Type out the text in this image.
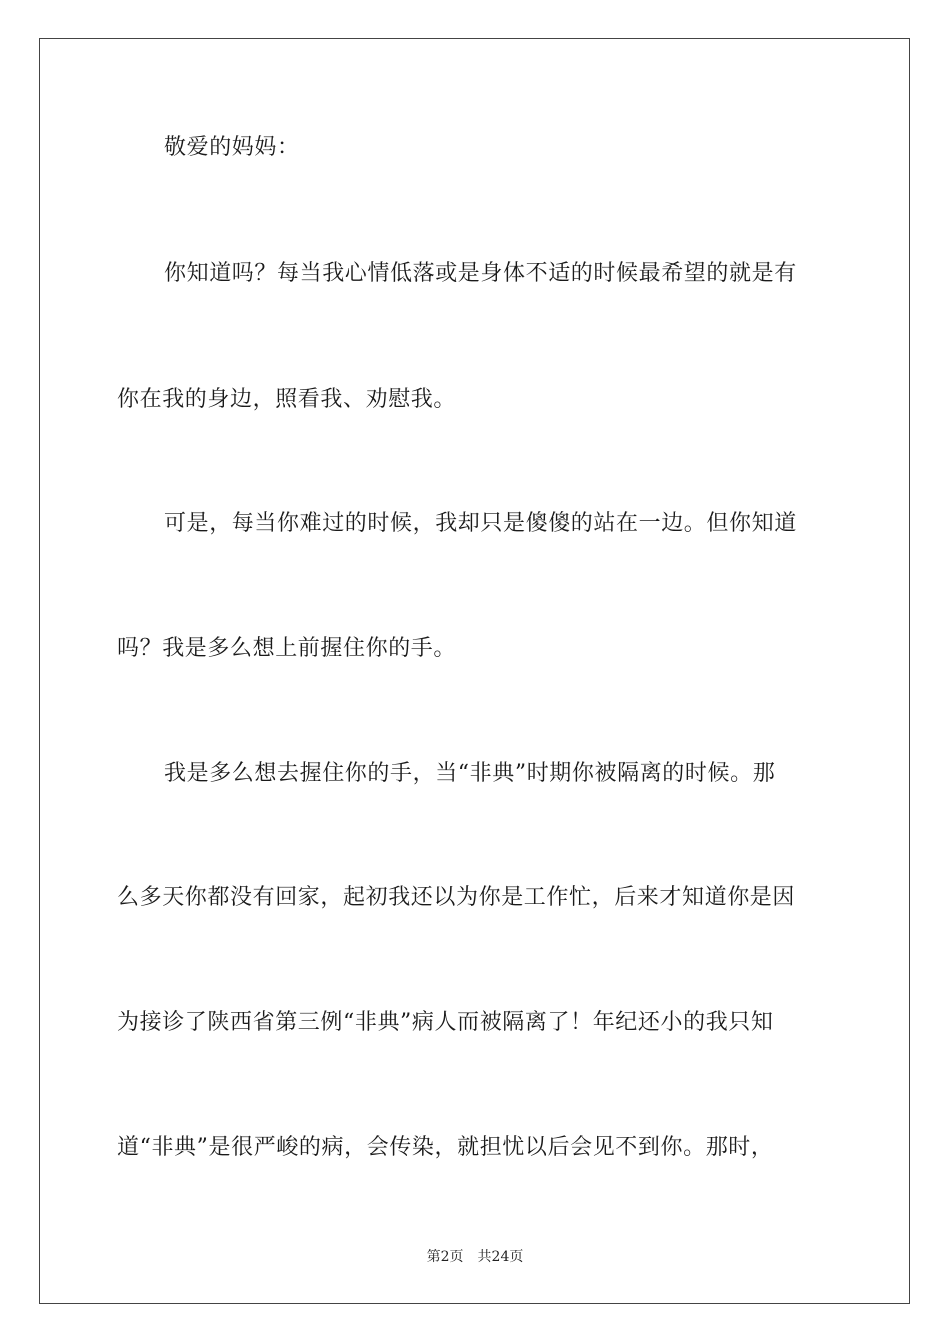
敬爱的妈妈：
你知道吗？每当我心情低落或是身体不适的时候最希望的就是有
你在我的身边，照看我、劝慰我。
可是，每当你难过的时候，我却只是傻傻的站在一边。但你知道
吗？我是多么想上前握住你的手。
我是多么想去握住你的手，当“非典”时期你被隔离的时候。那
么多天你都没有回家，起初我还以为你是工作忙，后来才知道你是因
为接诊了陕西省第三例“非典”病人而被隔离了！年纪还小的我只知
道“非典”是很严峻的病，会传染，就担忧以后会见不到你。那时，
第2页 共24页
